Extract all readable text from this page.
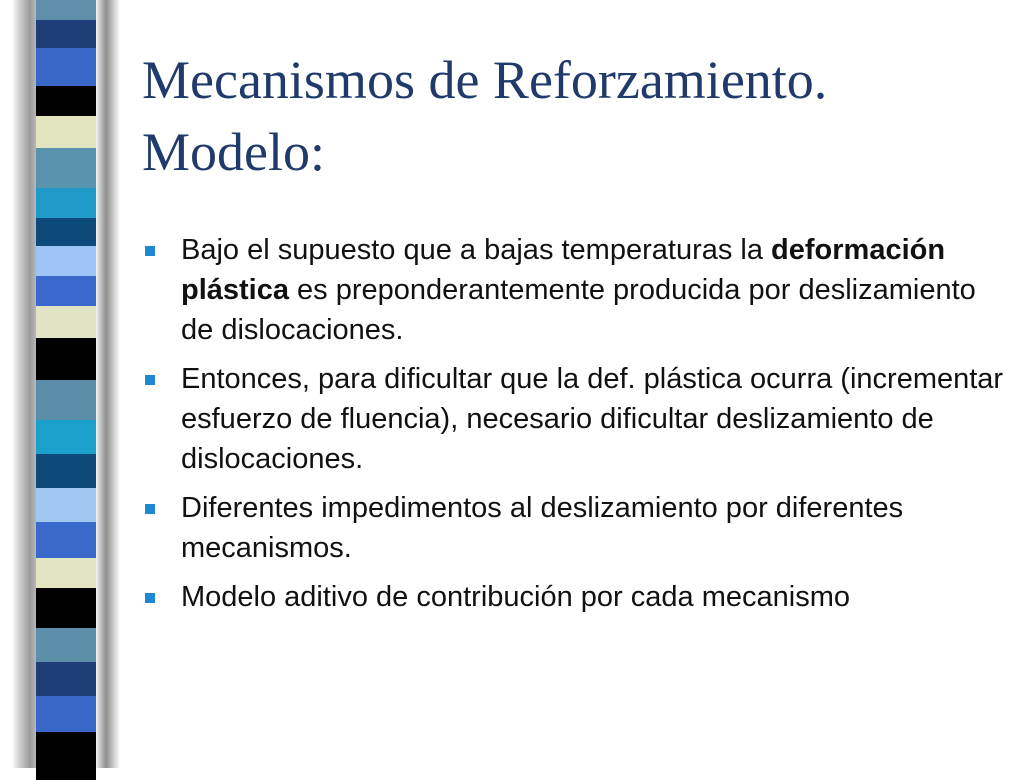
Mecanismos de Reforzamiento.
Modelo:
Bajo el supuesto que a bajas temperaturas la deformación plástica es preponderantemente producida por deslizamiento de dislocaciones.
Entonces, para dificultar que la def. plástica ocurra (incrementar esfuerzo de fluencia), necesario dificultar deslizamiento de dislocaciones.
Diferentes impedimentos al deslizamiento por diferentes mecanismos.
Modelo aditivo de contribución por cada mecanismo
